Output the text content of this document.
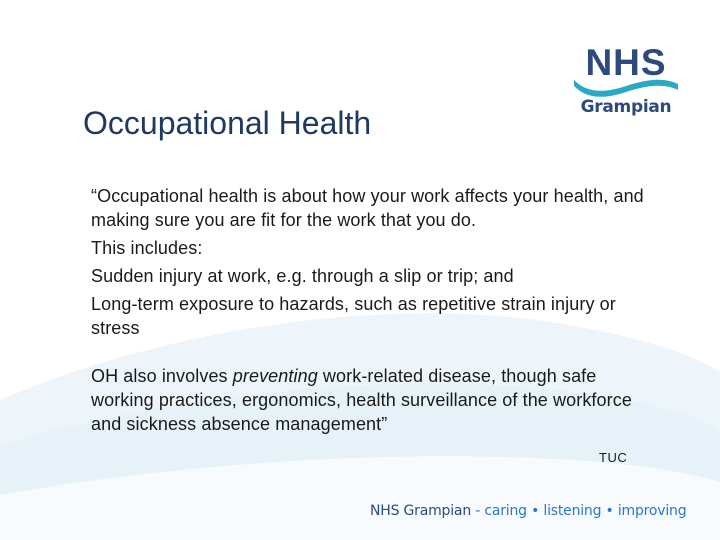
NHS
Grampian
Occupational Health

“Occupational health is about how your work affects your health, and making sure you are fit for the work that you do.

This includes:

Sudden injury at work, e.g. through a slip or trip; and

Long-term exposure to hazards, such as repetitive strain injury or stress

OH also involves preventing work-related disease, though safe working practices, ergonomics, health surveillance of the workforce and sickness absence management”

TUC
NHS Grampian - caring • listening • improving
